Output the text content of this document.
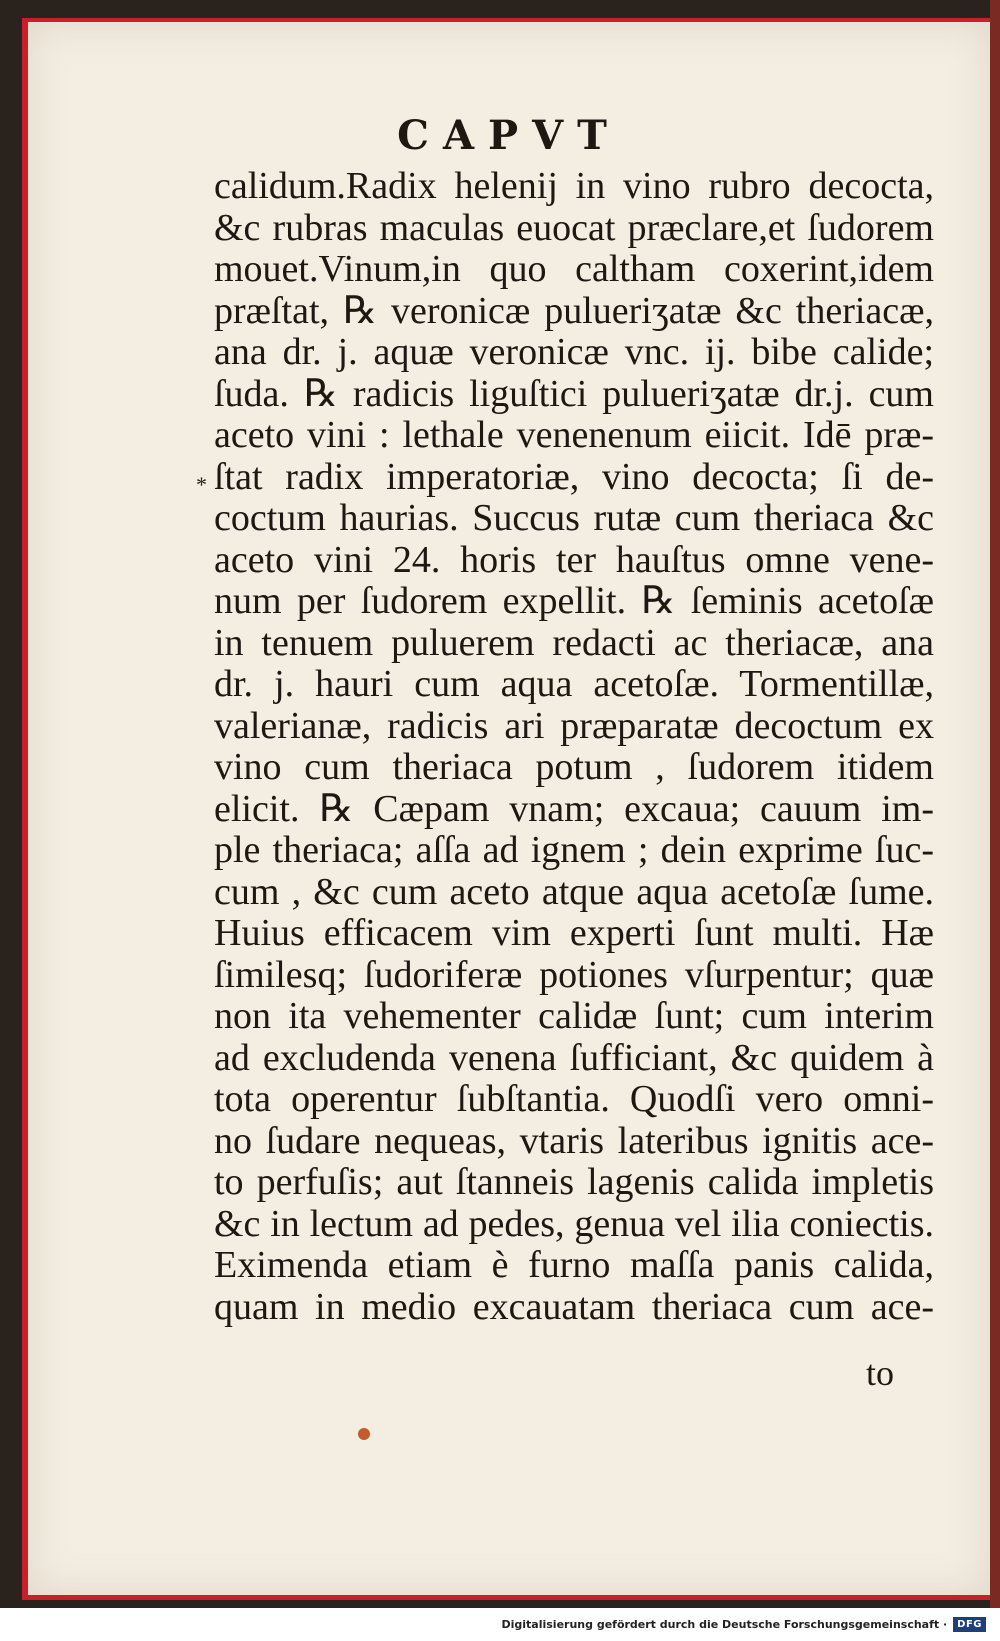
CAPVT
*
calidum.Radix helenij in vino rubro decocta,
&c rubras maculas euocat præclare,et ſudorem
mouet.Vinum,in quo caltham coxerint,idem
præſtat, ℞ veronicæ pulueriʒatæ &c theriacæ,
ana dr. j. aquæ veronicæ vnc. ij. bibe calide;
ſuda. ℞ radicis liguſtici pulueriʒatæ dr.j. cum
aceto vini : lethale venenenum eiicit. Idē præ-
ſtat radix imperatoriæ, vino decocta; ſi de-
coctum haurias. Succus rutæ cum theriaca &c
aceto vini 24. horis ter hauſtus omne vene-
num per ſudorem expellit. ℞ ſeminis acetoſæ
in tenuem puluerem redacti ac theriacæ, ana
dr. j. hauri cum aqua acetoſæ. Tormentillæ,
valerianæ, radicis ari præparatæ decoctum ex
vino cum theriaca potum , ſudorem itidem
elicit. ℞ Cæpam vnam; excaua; cauum im-
ple theriaca; aſſa ad ignem ; dein exprime ſuc-
cum , &c cum aceto atque aqua acetoſæ ſume.
Huius efficacem vim experti ſunt multi. Hæ
ſimilesq; ſudoriferæ potiones vſurpentur; quæ
non ita vehementer calidæ ſunt; cum interim
ad excludenda venena ſufficiant, &c quidem à
tota operentur ſubſtantia. Quodſi vero omni-
no ſudare nequeas, vtaris lateribus ignitis ace-
to perfuſis; aut ſtanneis lagenis calida impletis
&c in lectum ad pedes, genua vel ilia coniectis.
Eximenda etiam è furno maſſa panis calida,
quam in medio excauatam theriaca cum ace-
to
Digitalisierung gefördert durch die Deutsche Forschungsgemeinschaft ·	DFG
